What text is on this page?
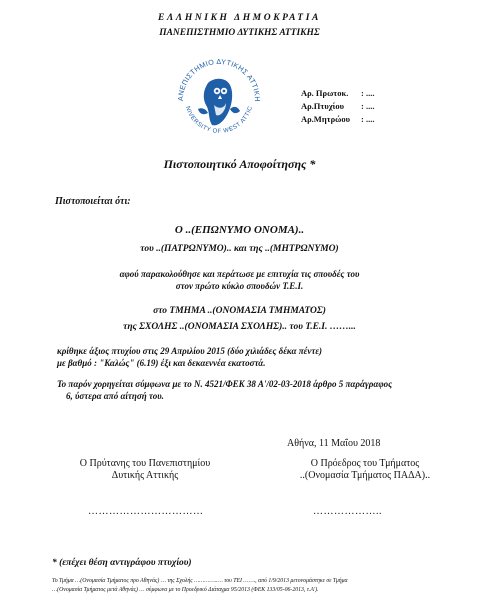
ΕΛΛΗΝΙΚΗ ΔΗΜΟΚΡΑΤΙΑ
ΠΑΝΕΠΙΣΤΗΜΙΟ ΔΥΤΙΚΗΣ ΑΤΤΙΚΗΣ
ΑΝΕΠΙΣΤΗΜΙΟ ΔΥΤΙΚΗΣ ΑΤΤΙΚΗ
NIVERSITY OF WEST ATTIC
Αρ. Πρωτοκ. : ....
Αρ.Πτυχίου : ....
Αρ.Μητρώου : ....
Πιστοποιητικό Αποφοίτησης *
Πιστοποιείται ότι:
Ο ..(ΕΠΩΝΥΜΟ ΟΝΟΜΑ)..
του ..(ΠΑΤΡΩΝΥΜΟ).. και της ..(ΜΗΤΡΩΝΥΜΟ)
αφού παρακολούθησε και περάτωσε με επιτυχία τις σπουδές του
στον πρώτο κύκλο σπουδών Τ.Ε.Ι.
στο ΤΜΗΜΑ ..(ΟΝΟΜΑΣΙΑ ΤΜΗΜΑΤΟΣ)
της ΣΧΟΛΗΣ ..(ΟΝΟΜΑΣΙΑ ΣΧΟΛΗΣ).. του Τ.Ε.Ι. ……...
κρίθηκε άξιος πτυχίου στις 29 Απριλίου 2015 (δύο χιλιάδες δέκα πέντε)
με βαθμό : "Καλώς" (6.19) έξι και δεκαεννέα εκατοστά.
Το παρόν χορηγείται σύμφωνα με το Ν. 4521/ΦΕΚ 38 Α'/02-03-2018 άρθρο 5 παράγραφος
6, ύστερα από αίτησή του.
Αθήνα, 11 Μαΐου 2018
Ο Πρύτανης του Πανεπιστημίου
Δυτικής Αττικής
Ο Πρόεδρος του Τμήματος
..(Ονομασία Τμήματος ΠΑΔΑ)..
……………………………	………………..
* (επέχει θέση αντιγράφου πτυχίου)
Το Τμήμα …(Ονομασία Τμήματος προ Αθηνάς) … της Σχολής …………..… του ΤΕΙ ……., από 1/9/2013 μετονομάστηκε σε Τμήμα
…(Ονομασία Τμήματος μετά Αθηνάς) … σύμφωνα με το Προεδρικό Διάταγμα 95/2013 (ΦΕΚ 133/05-06-2013, τ.Α').
